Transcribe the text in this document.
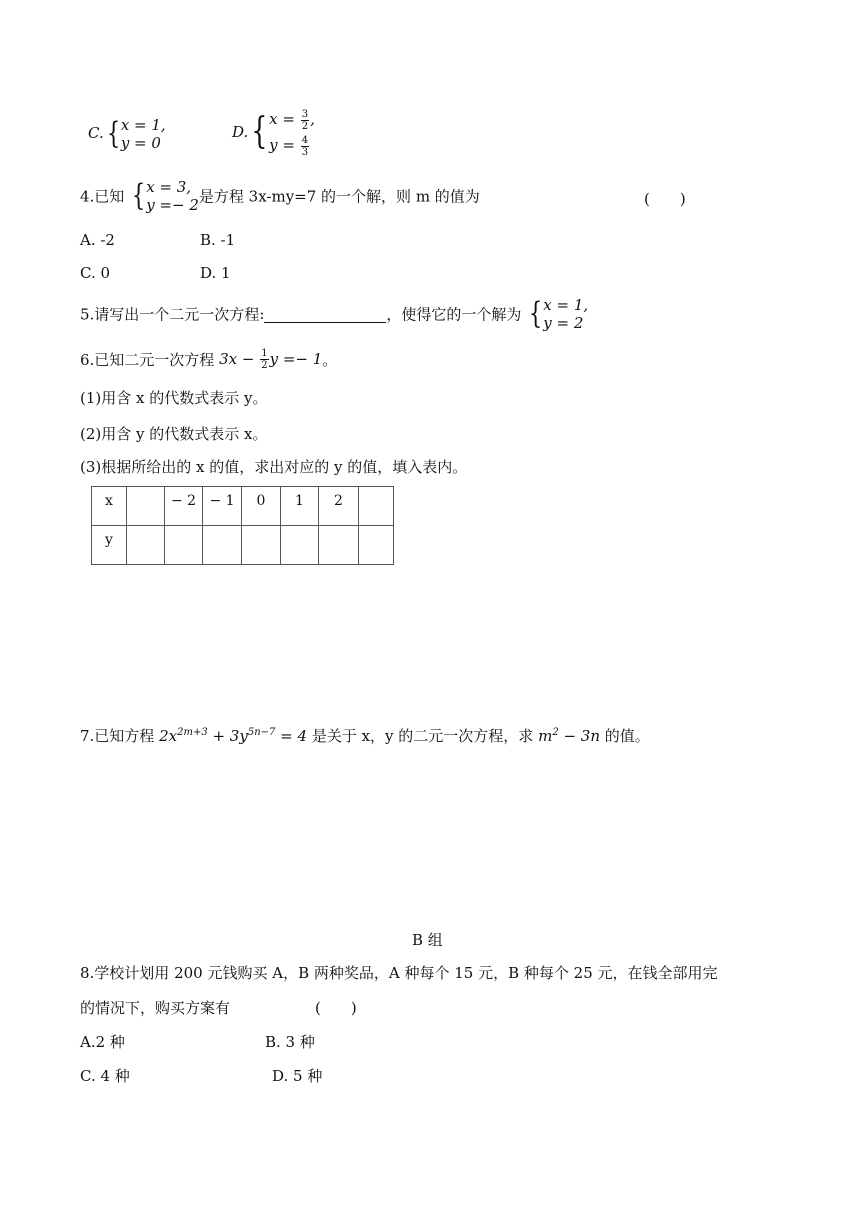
C. { x = 1,
y = 0
D. { $x = \frac{3}{2}$ ,
$y = \frac{4}{3}$
4.已知 { x = 3,
y =− 2 是方程 3x-my=7 的一个解，则 m 的值为	(　　)
A. -2	B. -1
C. 0	D. 1
5.请写出一个二元一次方程:	，使得它的一个解为 { x = 1,
y = 2
6.已知二元一次方程 $3x - \frac{1}{2}$ y =− 1。
(1)用含 x 的代数式表示 y。
(2)用含 y 的代数式表示 x。
(3)根据所给出的 x 的值，求出对应的 y 的值，填入表内。
x		− 2	− 1	0	1	2	
y							
7.已知方程 $2x^{2m+3} + 3y^{5n-7} = 4$ 是关于 x，y 的二元一次方程，求 $m^2 - 3n$ 的值。
B 组
8.学校计划用 200 元钱购买 A，B 两种奖品，A 种每个 15 元，B 种每个 25 元，在钱全部用完
的情况下，购买方案有	(　　)
A.2 种	B. 3 种
C. 4 种	D. 5 种
